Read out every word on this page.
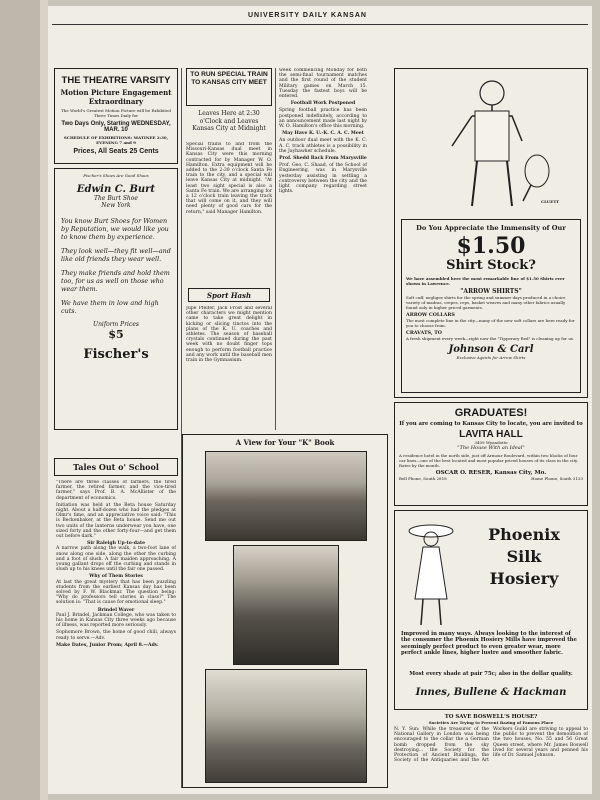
UNIVERSITY DAILY KANSAN
THE THEATRE VARSITY
Motion Picture Engagement
Extraordinary
The World's Greatest Motion Picture will be Exhibited Three Times Daily for
Two Days Only, Starting WEDNESDAY, MAR. 10
SCHEDULE OF EXHIBITIONS: MATINEE 2:30, EVENING 7 and 9
Prices, All Seats 25 Cents
Fischer's Shoes Are Good Shoes
Edwin C. Burt
The Burt Shoe
New York
You know Burt Shoes for Women by Reputation, we would like you to know them by experience.
They look well—they fit well—and like old friends they wear well.
They make friends and hold them too, for us as well on those who wear them.
We have them in low and high cuts.
Uniform Prices
$5
Fischer's
Tales Out o' School

"There are three classes of farmers, the tired farmer, the retired farmer, and the vice-tired farmer," says Prof. B. A. McAllister of the department of economics.

Initiation was held at the Beta house Saturday night. About a half-dozen who had the pledges at Olmr's time, and an appreciative voice said: "This is Beckenbaker, at the Beta house. Send me out two units of the lanterns underwear you have, one sized forty and the other forty-four—and get them out before dark."

Sir Raleigh Up-to-date

A narrow path along the walk, a two-foot lane of snow along one side, along the other the curbing and a foot of slush. A fair maiden approaching. A young gallant drops off the curbing and stands in slush up to his knees until the fair one passed.

Why of Them Stories

At last the great mystery that has been puzzling students from the earliest Kansas day has been solved by F. W. Blackmar. The question being: "Why do professors tell stories in class?" The solution is: "That is cause for emotional sleep."

Brindel Waver

Paul J. Brindel, Jackman College, who was taken to his home in Kansas City three weeks ago because of illness, was reported more seriously.

Sophomore Brown, the home of good chili, always ready to serve.—Adv.

Make Dates, Junior Prom; April 8.—Adv.

TO RUN SPECIAL TRAIN TO KANSAS CITY MEET
Leaves Here at 2:30 o'Clock and Leaves Kansas City at Midnight
Special trains to and from the Missouri-Kansas dual meet in Kansas City were this morning contracted for by Manager W. O. Hamilton. Extra equipment will be added to the 2:30 o'clock Santa Fe train to the city, and a special will leave Kansas City at midnight. "At least two sight special is also a Santa Fe train. We are arranging for a 12 o'clock train leaving the track that will come on it, and they will need plenty of good cars for the return," said Manager Hamilton.
Sport Hash
Jupe Pfeifer, Jack Frost and several other characters we might mention came to take great delight in kicking or slicing tinctos into the plans of the K. U. coaches and athletes. The season of baseball crystals continued during the past week with no doubt finger tops enough to perform football practice and any work until the baseball men train in the Gymnasium.

week commencing Monday for both the semi-final tournament matches and the first round of the student Military games on March 15. Tuesday the fastest boys will be entered.

Football Work Postponed

Spring football practice has been postponed indefinitely, according to an announcement made last night by W. O. Hamilton's office this morning.

May Have K. U.-K. C. A. C. Meet

An outdoor dual meet with the K. C. A. C. track athletes is a possibility in the Jayhawker schedule.

Prof. Shedd Back From Marysville

Prof. Geo. C. Shaad, of the School of Engineering, was in Marysville yesterday assisting in settling a controversy between the city and the light company regarding street lights.

CLUETT
Do You Appreciate the Immensity of Our
$1.50
Shirt Stock?
We have assembled here the most remarkable line of $1.50 Shirts ever shown in Lawrence.
"ARROW SHIRTS"
Soft cuff, negligee shirts for the spring and summer days produced in a choice variety of madras, crepes, reps, basket weaves and many other fabrics usually found only in higher priced garments.
ARROW COLLARS
The most complete line in the city—many of the new soft collars are here ready for you to choose from.
CRAVATS, TO
A fresh shipment every week—right now the "Tipperary Red" is cleaning up for us.
Johnson & Carl
Exclusive Agents for Arrow Shirts
A View for Your "K" Book
GRADUATES!
If you are coming to Kansas City to locate, you are invited to
LAVITA HALL
3409 Wyandotte
"The House With an Ideal"
A residence hotel in the north side, just off Armour Boulevard, within two blocks of four car lines—one of the best located and most popular priced houses of its class in the city. Rates by the month.
OSCAR O. RESER, Kansas City, Mo.
Bell Phone, South 2818	Home Phone, South 3133
Phoenix
Silk
Hosiery
Improved in many ways. Always looking to the interest of the consumer the Phoenix Hosiery Mills have improved the seemingly perfect product to even greater wear, more perfect ankle lines, higher lustre and smoother fabric.
Most every shade at pair 75c; also in the dollar quality.
Innes, Bullene & Hackman
TO SAVE BOSWELL'S HOUSE?
Societies Are Trying to Prevent Razing of Famous Place
N. Y. Sun: While the treasurer of the National Gallery in London was being encouraged to the collar the a German bomb dropped from the sky destroying... the Society for the Protection of Ancient Buildings, the Society of the Antiquaries and the Art Workers Guild are striving to appeal to the public to prevent the demolition of the two houses, No. 55 and 56 Great Queen street, where Mr. James Boswell lived for several years and penned his life of Dr. Samuel Johnson.
